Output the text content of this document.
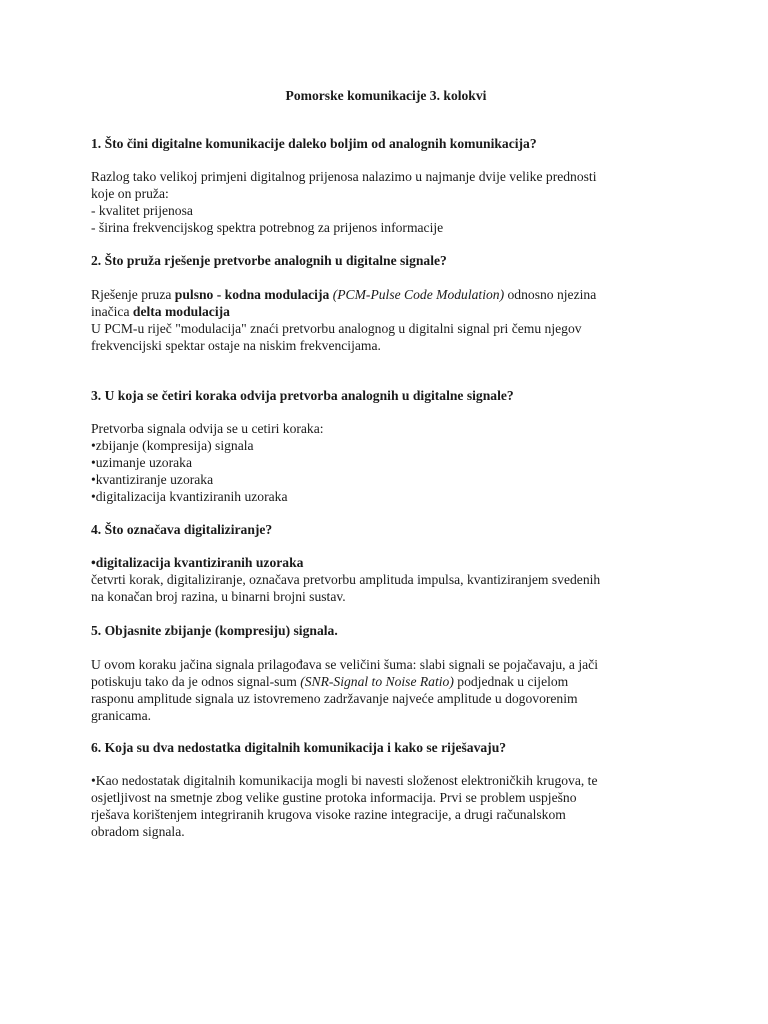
Pomorske komunikacije 3. kolokvi
1. Što čini digitalne komunikacije daleko boljim od analognih komunikacija?
Razlog tako velikoj primjeni digitalnog prijenosa nalazimo u najmanje dvije velike prednosti
koje on pruža:
- kvalitet prijenosa
- širina frekvencijskog spektra potrebnog za prijenos informacije
2. Što pruža rješenje pretvorbe analognih u digitalne signale?
Rješenje pruza pulsno - kodna modulacija (PCM-Pulse Code Modulation) odnosno njezina
inačica delta modulacija
U PCM-u riječ "modulacija" znaći pretvorbu analognog u digitalni signal pri čemu njegov
frekvencijski spektar ostaje na niskim frekvencijama.
3. U koja se četiri koraka odvija pretvorba analognih u digitalne signale?
Pretvorba signala odvija se u cetiri koraka:
•zbijanje (kompresija) signala
•uzimanje uzoraka
•kvantiziranje uzoraka
•digitalizacija kvantiziranih uzoraka
4. Što označava digitaliziranje?
•digitalizacija kvantiziranih uzoraka
četvrti korak, digitaliziranje, označava pretvorbu amplituda impulsa, kvantiziranjem svedenih
na konačan broj razina, u binarni brojni sustav.
5. Objasnite zbijanje (kompresiju) signala.
U ovom koraku jačina signala prilagođava se veličini šuma: slabi signali se pojačavaju, a jači
potiskuju tako da je odnos signal-sum (SNR-Signal to Noise Ratio) podjednak u cijelom
rasponu amplitude signala uz istovremeno zadržavanje najveće amplitude u dogovorenim
granicama.
6. Koja su dva nedostatka digitalnih komunikacija i kako se riješavaju?
•Kao nedostatak digitalnih komunikacija mogli bi navesti složenost elektroničkih krugova, te
osjetljivost na smetnje zbog velike gustine protoka informacija. Prvi se problem uspješno
rješava korištenjem integriranih krugova visoke razine integracije, a drugi računalskom
obradom signala.
